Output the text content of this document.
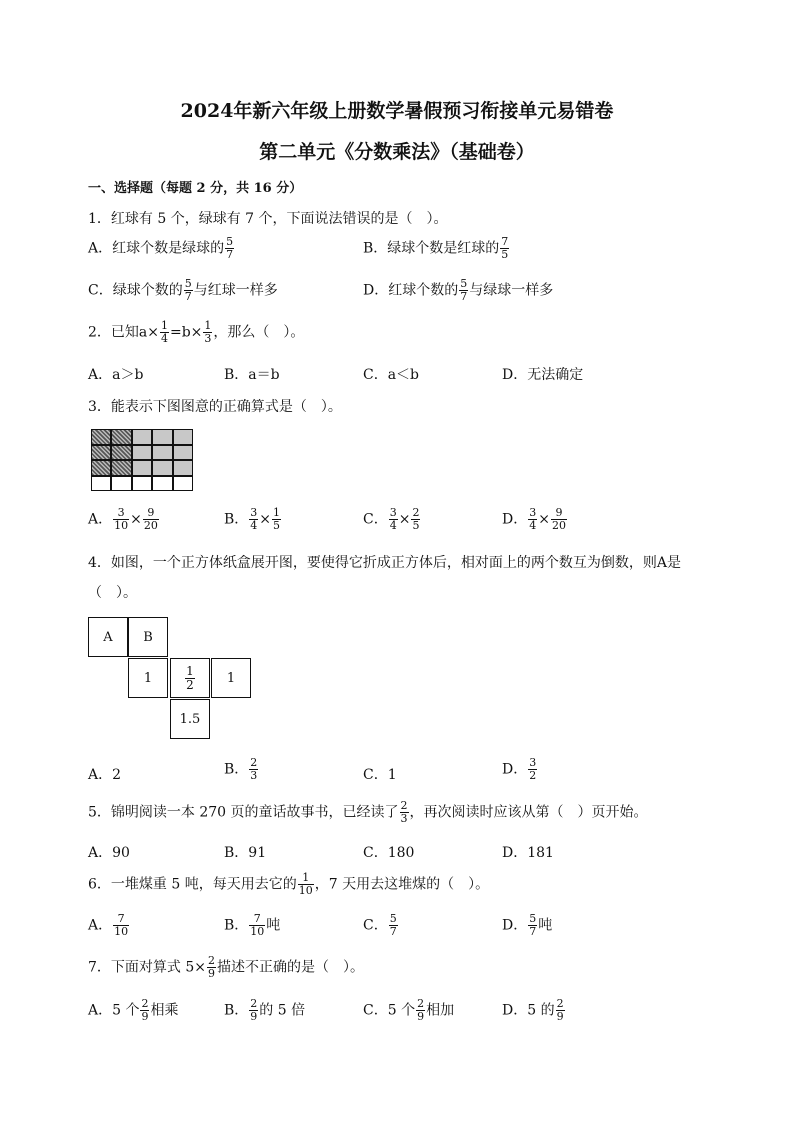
2024年新六年级上册数学暑假预习衔接单元易错卷
第二单元《分数乘法》（基础卷）
一、选择题（每题 2 分，共 16 分）
1．红球有 5 个，绿球有 7 个，下面说法错误的是（　）。
A．红球个数是绿球的 $\frac{5}{7}$	B．绿球个数是红球的 $\frac{7}{5}$
C．绿球个数的 $\frac{5}{7}$ 与红球一样多	D．红球个数的 $\frac{5}{7}$ 与绿球一样多
2．已知$a\times \frac{1}{4} =b\times \frac{1}{3}$ ，那么（　）。
A．a＞b	B．a＝b	C．a＜b	D．无法确定
3．能表示下图图意的正确算式是（　）。
A． $\frac{3}{10} \times \frac{9}{20}$	B． $\frac{3}{4} \times \frac{1}{5}$	C． $\frac{3}{4} \times \frac{2}{5}$	D． $\frac{3}{4} \times \frac{9}{20}$
4．如图，一个正方体纸盒展开图，要使得它折成正方体后，相对面上的两个数互为倒数，则A是
（　）。
A	B
1	$\frac{1}{2}$	1
1.5
A．2	B． $\frac{2}{3}$	C．1	D． $\frac{3}{2}$
5．锦明阅读一本 270 页的童话故事书，已经读了 $\frac{2}{3}$ ，再次阅读时应该从第（　）页开始。
A．90	B．91	C．180	D．181
6．一堆煤重 5 吨，每天用去它的 $\frac{1}{10}$ ，7 天用去这堆煤的（　）。
A． $\frac{7}{10}$	B． $\frac{7}{10}$ 吨	C． $\frac{5}{7}$	D． $\frac{5}{7}$ 吨
7．下面对算式 $5\times \frac{2}{9}$ 描述不正确的是（　）。
A．5 个 $\frac{2}{9}$ 相乘	B． $\frac{2}{9}$ 的 5 倍	C．5 个 $\frac{2}{9}$ 相加	D．5 的 $\frac{2}{9}$
